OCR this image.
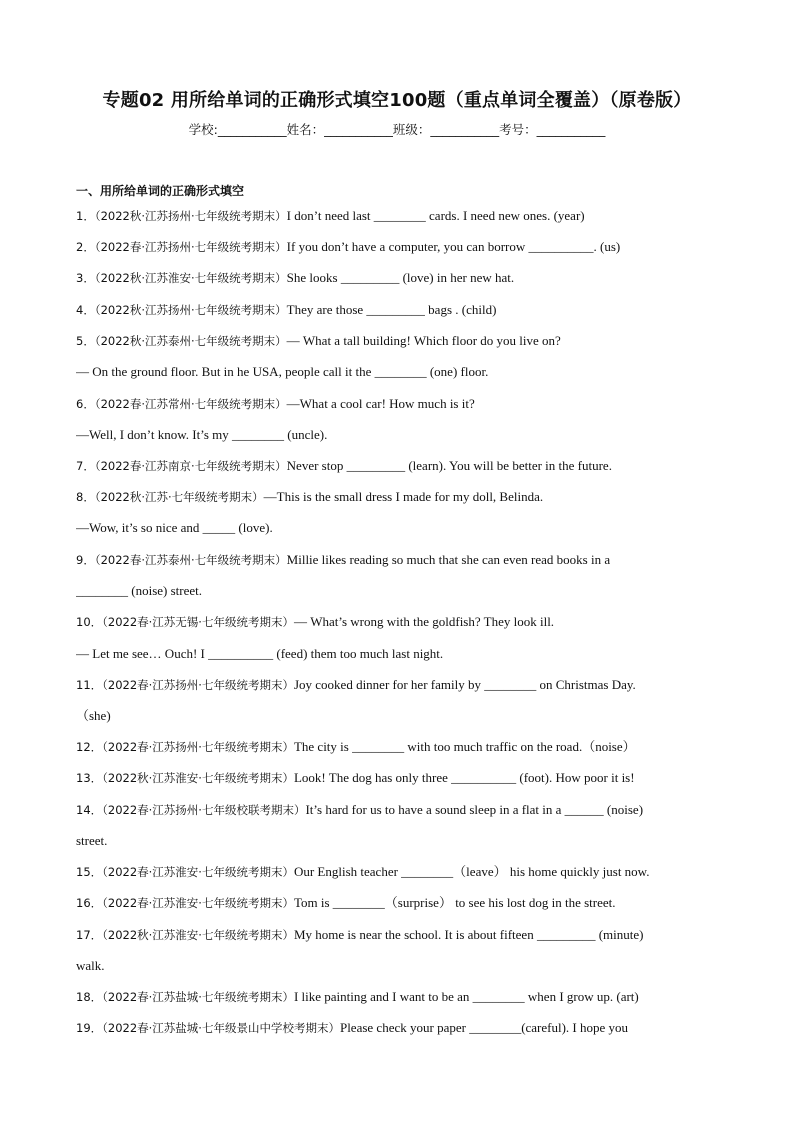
专题02 用所给单词的正确形式填空100题（重点单词全覆盖）（原卷版）
学校:___________姓名：___________班级：___________考号：___________
一、用所给单词的正确形式填空
1．（2022秋·江苏扬州·七年级统考期末）I don’t need last ________ cards. I need new ones. (year)
2．（2022春·江苏扬州·七年级统考期末）If you don’t have a computer, you can borrow __________. (us)
3．（2022秋·江苏淮安·七年级统考期末）She looks _________ (love) in her new hat.
4．（2022秋·江苏扬州·七年级统考期末）They are those _________ bags . (child)
5．（2022秋·江苏泰州·七年级统考期末）— What a tall building! Which floor do you live on?
— On the ground floor. But in he USA, people call it the ________ (one) floor.
6．（2022春·江苏常州·七年级统考期末）—What a cool car! How much is it?
—Well, I don’t know. It’s my ________ (uncle).
7．（2022春·江苏南京·七年级统考期末）Never stop _________ (learn). You will be better in the future.
8．（2022秋·江苏·七年级统考期末）—This is the small dress I made for my doll, Belinda.
—Wow, it’s so nice and _____ (love).
9．（2022春·江苏泰州·七年级统考期末）Millie likes reading so much that she can even read books in a
________ (noise) street.
10．（2022春·江苏无锡·七年级统考期末）— What’s wrong with the goldfish? They look ill.
— Let me see… Ouch! I __________ (feed) them too much last night.
11．（2022春·江苏扬州·七年级统考期末）Joy cooked dinner for her family by ________ on Christmas Day.
（she)
12．（2022春·江苏扬州·七年级统考期末）The city is ________ with too much traffic on the road.（noise）
13．（2022秋·江苏淮安·七年级统考期末）Look! The dog has only three __________ (foot). How poor it is!
14．（2022春·江苏扬州·七年级校联考期末）It’s hard for us to have a sound sleep in a flat in a ______ (noise)
street.
15．（2022春·江苏淮安·七年级统考期末）Our English teacher ________（leave） his home quickly just now.
16．（2022春·江苏淮安·七年级统考期末）Tom is ________（surprise） to see his lost dog in the street.
17．（2022秋·江苏淮安·七年级统考期末）My home is near the school. It is about fifteen _________ (minute)
walk.
18．（2022春·江苏盐城·七年级统考期末）I like painting and I want to be an ________ when I grow up. (art)
19．（2022春·江苏盐城·七年级景山中学校考期末）Please check your paper ________(careful). I hope you
